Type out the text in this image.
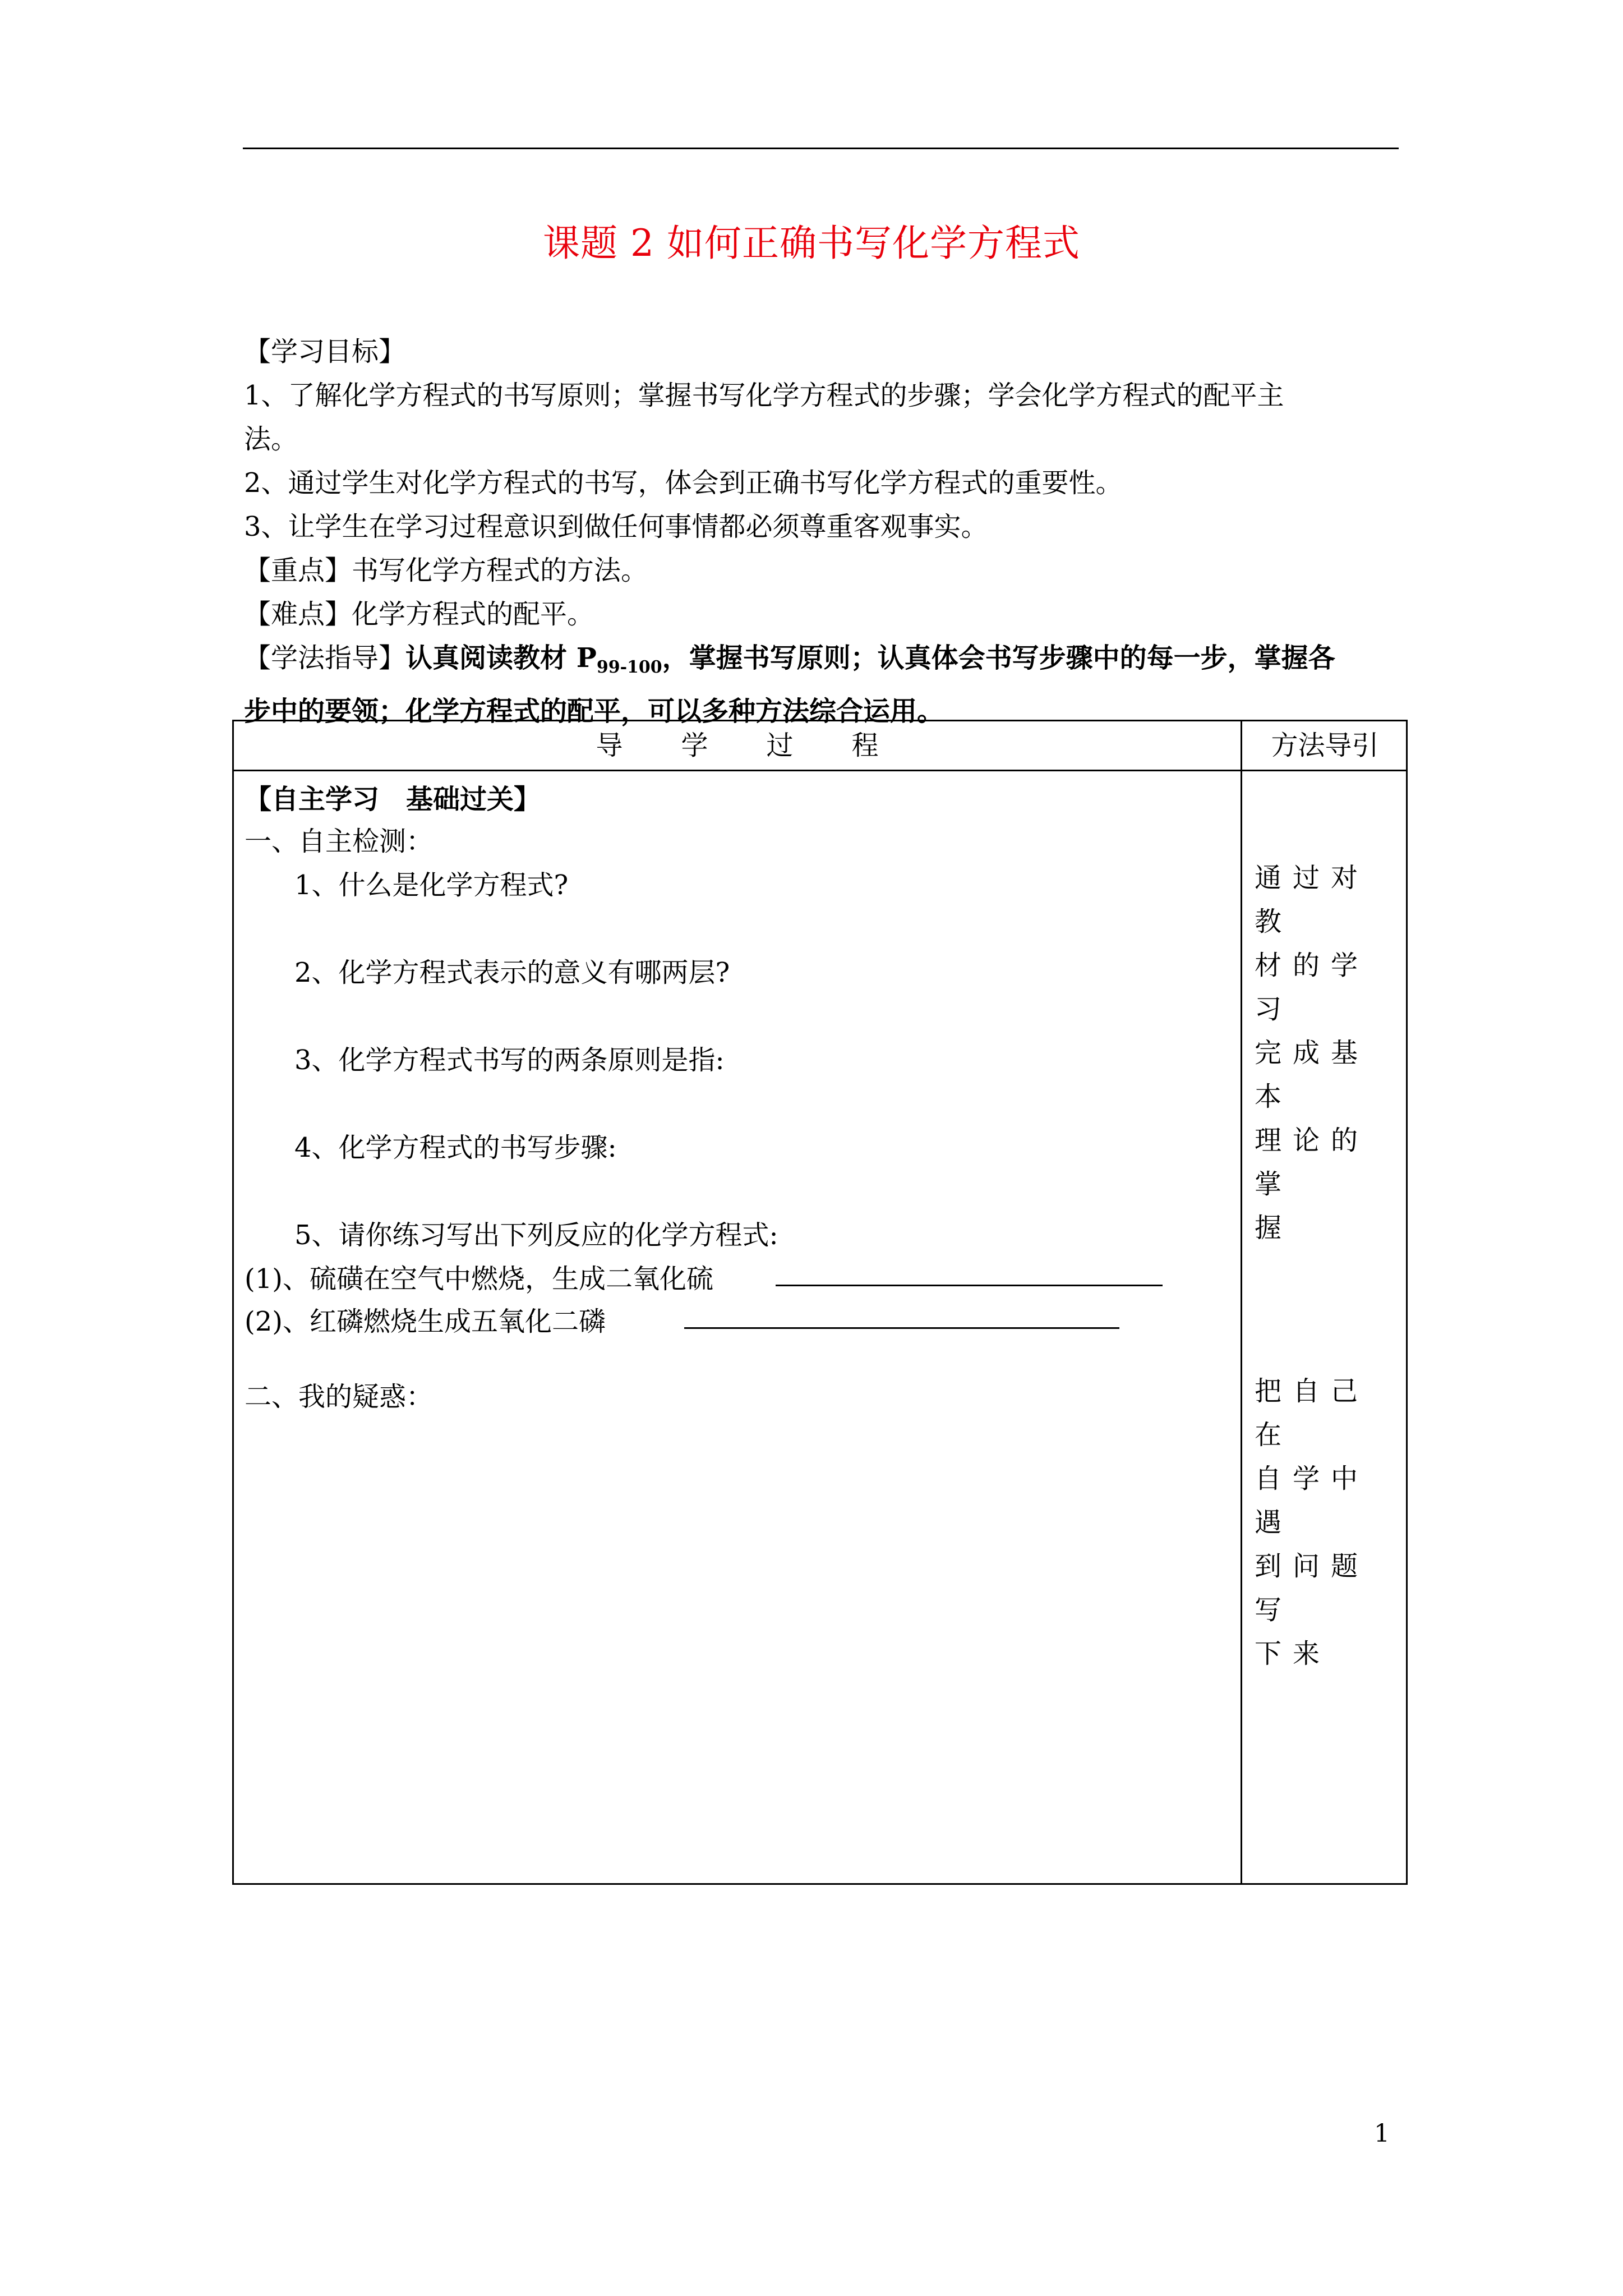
课题 2 如何正确书写化学方程式

【学习目标】

1、了解化学方程式的书写原则；掌握书写化学方程式的步骤；学会化学方程式的配平主

法。

2、通过学生对化学方程式的书写，体会到正确书写化学方程式的重要性。

3、让学生在学习过程意识到做任何事情都必须尊重客观事实。

【重点】书写化学方程式的方法。

【难点】化学方程式的配平。

【学法指导】认真阅读教材 $P_{99-100}$，掌握书写原则；认真体会书写步骤中的每一步，掌握各

步中的要领；化学方程式的配平，可以多种方法综合运用。

导 学 过 程	方法导引
【自主学习　基础过关】
一、自主检测：
1、什么是化学方程式?
2、化学方程式表示的意义有哪两层?
3、化学方程式书写的两条原则是指:
4、化学方程式的书写步骤:
5、请你练习写出下列反应的化学方程式:
(1)、硫磺在空气中燃烧，生成二氧化硫
(2)、红磷燃烧生成五氧化二磷
二、我的疑惑：
通过对教
材的学习
完成基本
理论的掌
握
把自己在
自学中遇
到问题写
下来
1
